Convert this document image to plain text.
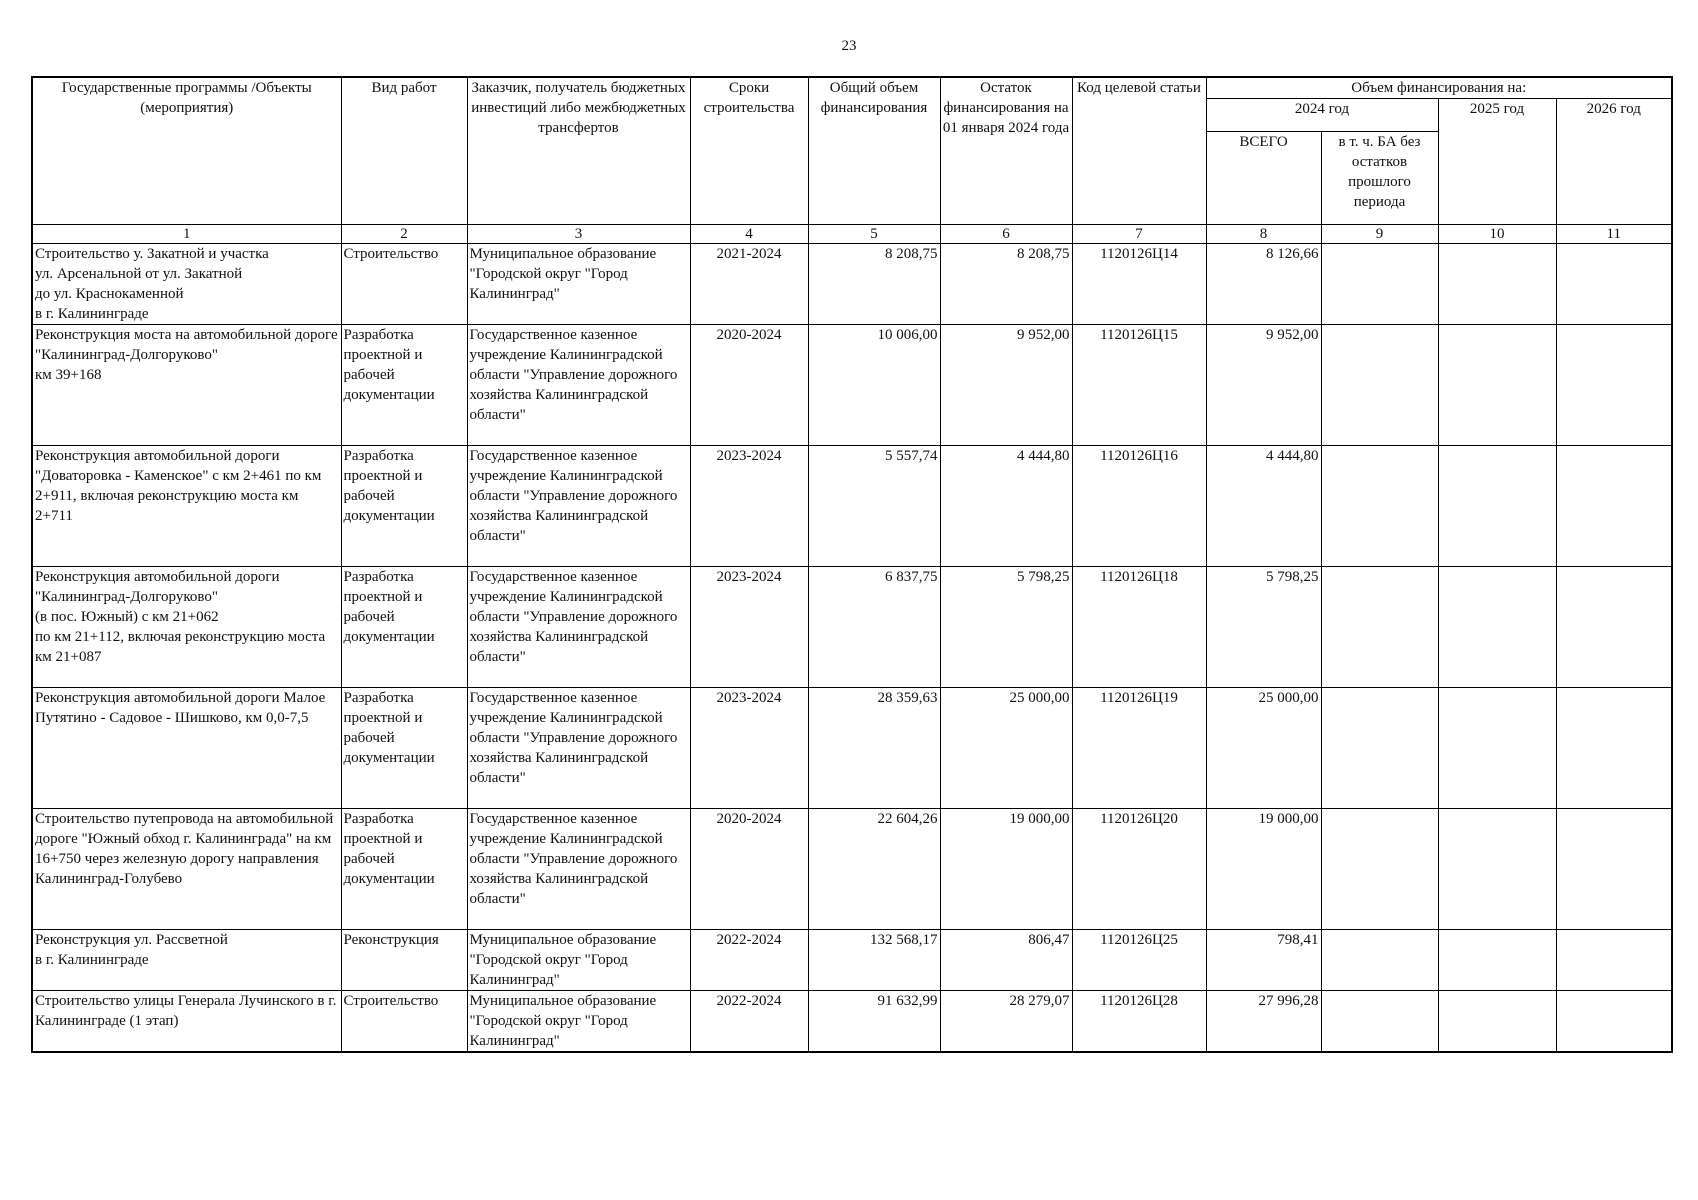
23
Государственные программы /Объекты (мероприятия)	Вид работ	Заказчик, получатель бюджетных инвестиций либо межбюджетных трансфертов	Сроки строительства	Общий объем финансирования	Остаток финансирования на 01 января 2024 года	Код целевой статьи	Объем финансирования на:			
							2024 год		2025 год	2026 год
							ВСЕГО	в т. ч. БА без остатков прошлого периода		
1	2	3	4	5	6	7	8	9	10	11
Строительство у. Закатной и участка
ул. Арсенальной от ул. Закатной
до ул. Краснокаменной
в г. Калининграде	Строительство	Муниципальное образование "Городской округ "Город Калининград"	2021-2024	8 208,75	8 208,75	1120126Ц14	8 126,66			
Реконструкция моста на автомобильной дороге "Калининград-Долгоруково"
км 39+168	Разработка проектной и рабочей документации	Государственное казенное учреждение Калининградской области "Управление дорожного хозяйства Калининградской области"	2020-2024	10 006,00	9 952,00	1120126Ц15	9 952,00			
Реконструкция автомобильной дороги "Доваторовка - Каменское" с км 2+461 по км 2+911, включая реконструкцию моста км 2+711	Разработка проектной и рабочей документации	Государственное казенное учреждение Калининградской области "Управление дорожного хозяйства Калининградской области"	2023-2024	5 557,74	4 444,80	1120126Ц16	4 444,80			
Реконструкция автомобильной дороги "Калининград-Долгоруково"
(в пос. Южный) с км 21+062
по км 21+112, включая реконструкцию моста км 21+087	Разработка проектной и рабочей документации	Государственное казенное учреждение Калининградской области "Управление дорожного хозяйства Калининградской области"	2023-2024	6 837,75	5 798,25	1120126Ц18	5 798,25			
Реконструкция автомобильной дороги Малое Путятино - Садовое - Шишково, км 0,0-7,5	Разработка проектной и рабочей документации	Государственное казенное учреждение Калининградской области "Управление дорожного хозяйства Калининградской области"	2023-2024	28 359,63	25 000,00	1120126Ц19	25 000,00			
Строительство путепровода на автомобильной дороге "Южный обход г. Калининграда" на км 16+750 через железную дорогу направления Калининград-Голубево	Разработка проектной и рабочей документации	Государственное казенное учреждение Калининградской области "Управление дорожного хозяйства Калининградской области"	2020-2024	22 604,26	19 000,00	1120126Ц20	19 000,00			
Реконструкция ул. Рассветной
в г. Калининграде	Реконструкция	Муниципальное образование "Городской округ "Город Калининград"	2022-2024	132 568,17	806,47	1120126Ц25	798,41			
Строительство улицы Генерала Лучинского в г. Калининграде (1 этап)	Строительство	Муниципальное образование "Городской округ "Город Калининград"	2022-2024	91 632,99	28 279,07	1120126Ц28	27 996,28			
